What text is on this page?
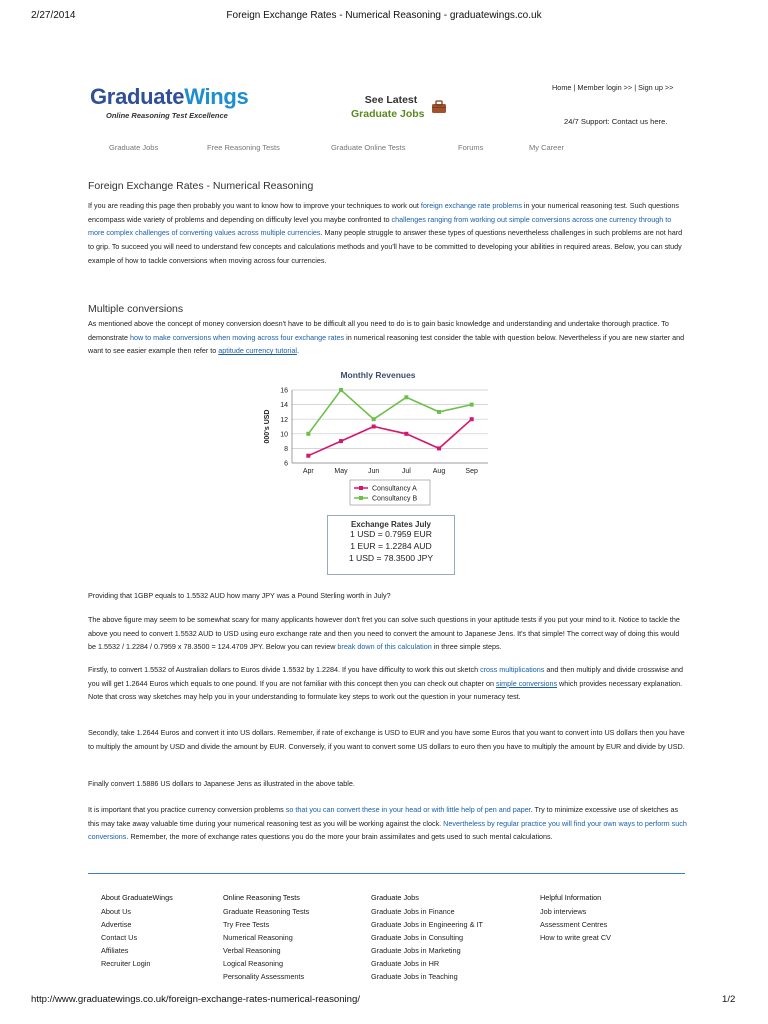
2/27/2014	Foreign Exchange Rates - Numerical Reasoning - graduatewings.co.uk
GraduateWings
Online Reasoning Test Excellence
See Latest
Graduate Jobs
Home | Member login >> | Sign up >>
24/7 Support: Contact us here.
Graduate Jobs	Free Reasoning Tests	Graduate Online Tests	Forums	My Career
Foreign Exchange Rates - Numerical Reasoning
If you are reading this page then probably you want to know how to improve your techniques to work out foreign exchange rate problems in your numerical reasoning test. Such questions encompass wide variety of problems and depending on difficulty level you maybe confronted to challenges ranging from working out simple conversions across one currency through to more complex challenges of converting values across multiple currencies. Many people struggle to answer these types of questions nevertheless challenges in such problems are not hard to grip. To succeed you will need to understand few concepts and calculations methods and you'll have to be committed to developing your abilities in required areas. Below, you can study example of how to tackle conversions when moving across four currencies.
Multiple conversions
As mentioned above the concept of money conversion doesn't have to be difficult all you need to do is to gain basic knowledge and understanding and undertake thorough practice. To demonstrate how to make conversions when moving across four exchange rates in numerical reasoning test consider the table with question below. Nevertheless if you are new starter and want to see easier example then refer to aptitude currency tutorial.
Monthly Revenues
6
8
10
12
14
16
000's USD
Apr	May	Jun	Jul	Aug	Sep
Consultancy A
Consultancy B
Exchange Rates July
1 USD = 0.7959 EUR
1 EUR = 1.2284 AUD
1 USD = 78.3500 JPY
Providing that 1GBP equals to 1.5532 AUD how many JPY was a Pound Sterling worth in July?
The above figure may seem to be somewhat scary for many applicants however don't fret you can solve such questions in your aptitude tests if you put your mind to it. Notice to tackle the above you need to convert 1.5532 AUD to USD using euro exchange rate and then you need to convert the amount to Japanese Jens. It's that simple! The correct way of doing this would be 1.5532 / 1.2284 / 0.7959 x 78.3500 = 124.4709 JPY. Below you can review break down of this calculation in three simple steps.
Firstly, to convert 1.5532 of Australian dollars to Euros divide 1.5532 by 1.2284. If you have difficulty to work this out sketch cross multiplications and then multiply and divide crosswise and you will get 1.2644 Euros which equals to one pound. If you are not familiar with this concept then you can check out chapter on simple conversions which provides necessary explanation. Note that cross way sketches may help you in your understanding to formulate key steps to work out the question in your numeracy test.
Secondly, take 1.2644 Euros and convert it into US dollars. Remember, if rate of exchange is USD to EUR and you have some Euros that you want to convert into US dollars then you have to multiply the amount by USD and divide the amount by EUR. Conversely, if you want to convert some US dollars to euro then you have to multiply the amount by EUR and divide by USD.
Finally convert 1.5886 US dollars to Japanese Jens as illustrated in the above table.
It is important that you practice currency conversion problems so that you can convert these in your head or with little help of pen and paper. Try to minimize excessive use of sketches as this may take away valuable time during your numerical reasoning test as you will be working against the clock. Nevertheless by regular practice you will find your own ways to perform such conversions. Remember, the more of exchange rates questions you do the more your brain assimilates and gets used to such mental calculations.
About GraduateWings
About Us
Advertise
Contact Us
Affiliates
Recruiter Login
Online Reasoning Tests
Graduate Reasoning Tests
Try Free Tests
Numerical Reasoning
Verbal Reasoning
Logical Reasoning
Personality Assessments
Graduate Jobs
Graduate Jobs in Finance
Graduate Jobs in Engineering & IT
Graduate Jobs in Consulting
Graduate Jobs in Marketing
Graduate Jobs in HR
Graduate Jobs in Teaching
Helpful Information
Job interviews
Assessment Centres
How to write great CV
http://www.graduatewings.co.uk/foreign-exchange-rates-numerical-reasoning/	1/2
